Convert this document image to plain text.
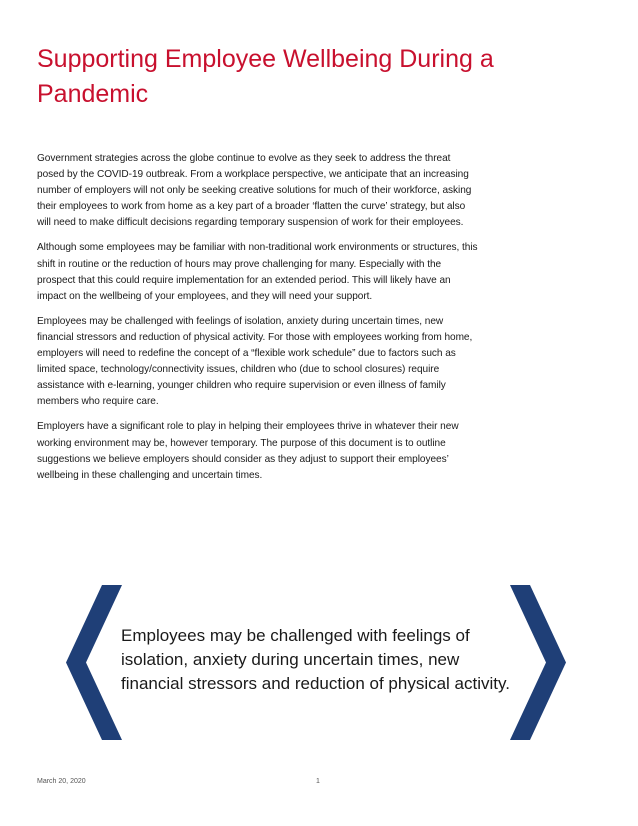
Supporting Employee Wellbeing During a Pandemic

Government strategies across the globe continue to evolve as they seek to address the threat posed by the COVID-19 outbreak. From a workplace perspective, we anticipate that an increasing number of employers will not only be seeking creative solutions for much of their workforce, asking their employees to work from home as a key part of a broader ‘flatten the curve’ strategy, but also will need to make difficult decisions regarding temporary suspension of work for their employees.

Although some employees may be familiar with non-traditional work environments or structures, this shift in routine or the reduction of hours may prove challenging for many. Especially with the prospect that this could require implementation for an extended period. This will likely have an impact on the wellbeing of your employees, and they will need your support.

Employees may be challenged with feelings of isolation, anxiety during uncertain times, new financial stressors and reduction of physical activity. For those with employees working from home, employers will need to redefine the concept of a “flexible work schedule” due to factors such as limited space, technology/connectivity issues, children who (due to school closures) require assistance with e-learning, younger children who require supervision or even illness of family members who require care.

Employers have a significant role to play in helping their employees thrive in whatever their new working environment may be, however temporary. The purpose of this document is to outline suggestions we believe employers should consider as they adjust to support their employees’ wellbeing in these challenging and uncertain times.

Employees may be challenged with feelings of isolation, anxiety during uncertain times, new financial stressors and reduction of physical activity.

March 20, 2020	1
